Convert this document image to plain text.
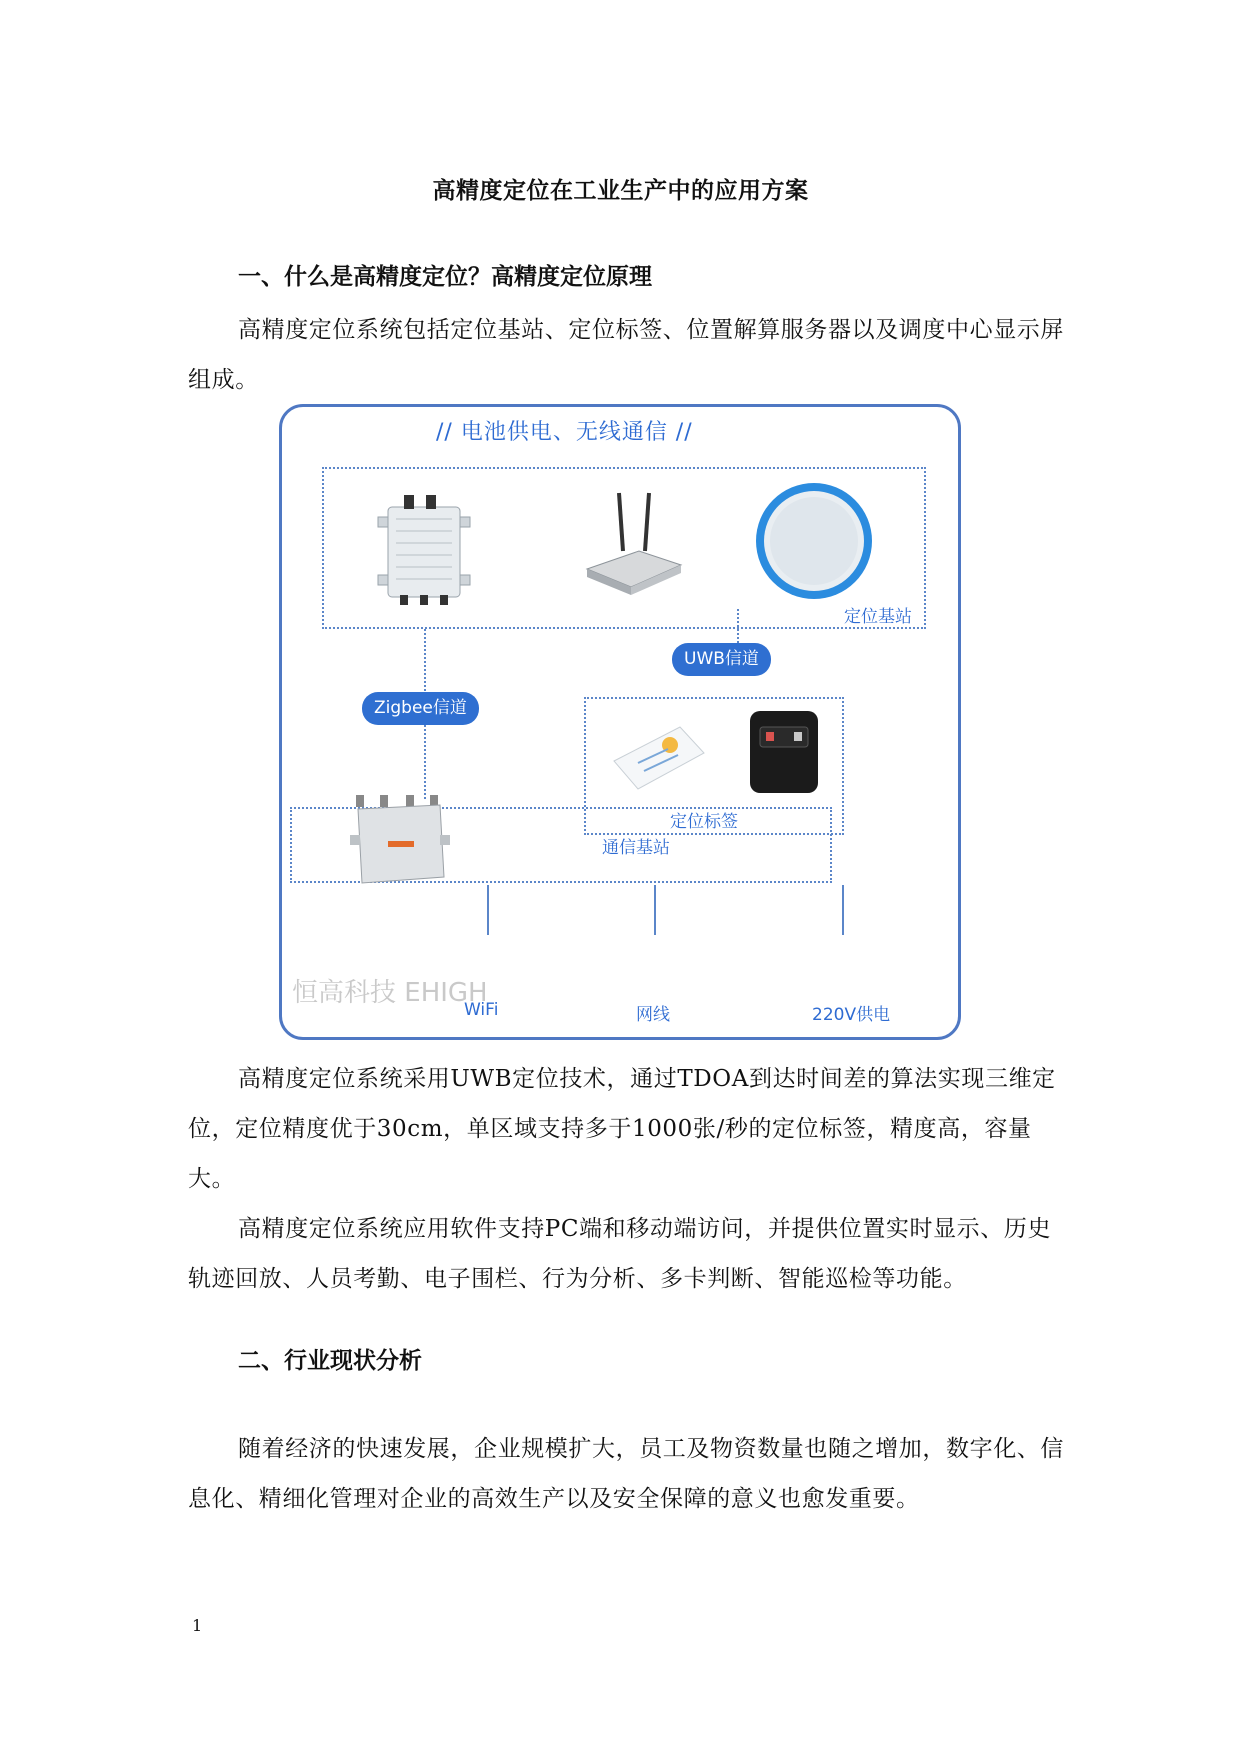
高精度定位在工业生产中的应用方案
一、什么是高精度定位？高精度定位原理

高精度定位系统包括定位基站、定位标签、位置解算服务器以及调度中心显示屏组成。

// 电池供电、无线通信 //
定位基站
Zigbee信道
UWB信道
定位标签
通信基站
恒高科技 EHIGH
WiFi	网线	220V供电

高精度定位系统采用UWB定位技术，通过TDOA到达时间差的算法实现三维定位，定位精度优于30cm，单区域支持多于1000张/秒的定位标签，精度高，容量大。

高精度定位系统应用软件支持PC端和移动端访问，并提供位置实时显示、历史轨迹回放、人员考勤、电子围栏、行为分析、多卡判断、智能巡检等功能。

二、行业现状分析

随着经济的快速发展，企业规模扩大，员工及物资数量也随之增加，数字化、信息化、精细化管理对企业的高效生产以及安全保障的意义也愈发重要。

1
